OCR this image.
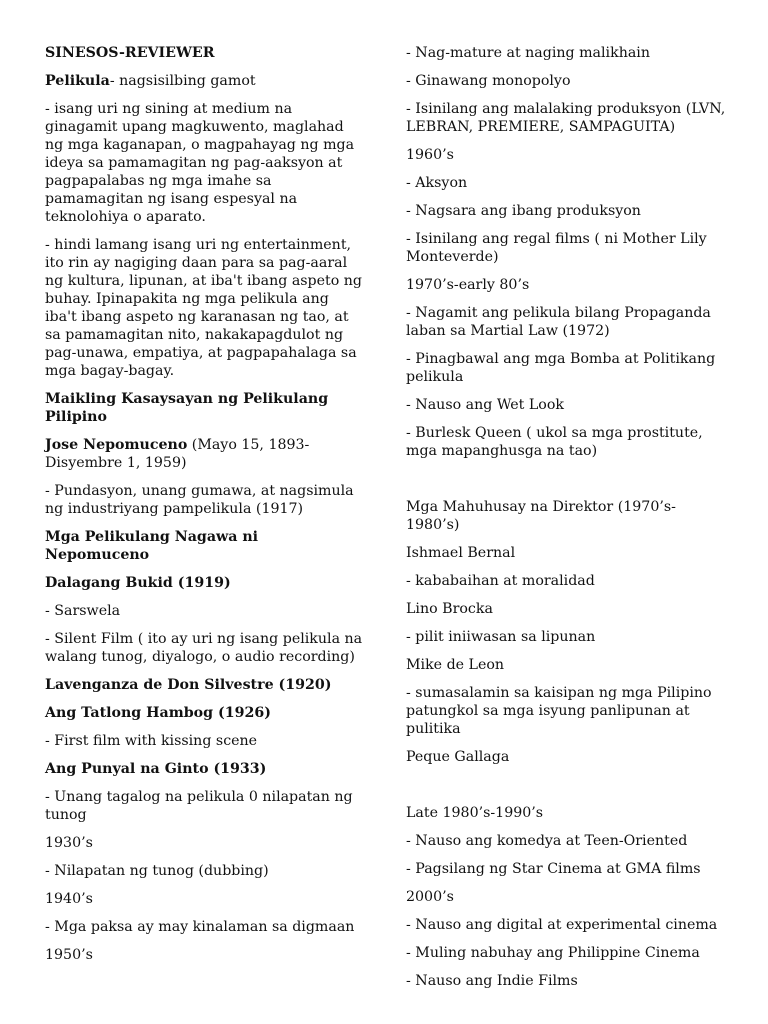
SINESOS-REVIEWER

Pelikula- nagsisilbing gamot

- isang uri ng sining at medium na ginagamit upang magkuwento, maglahad ng mga kaganapan, o magpahayag ng mga ideya sa pamamagitan ng pag-aaksyon at pagpapalabas ng mga imahe sa pamamagitan ng isang espesyal na teknolohiya o aparato.

- hindi lamang isang uri ng entertainment, ito rin ay nagiging daan para sa pag-aaral ng kultura, lipunan, at iba't ibang aspeto ng buhay. Ipinapakita ng mga pelikula ang iba't ibang aspeto ng karanasan ng tao, at sa pamamagitan nito, nakakapagdulot ng pag-unawa, empatiya, at pagpapahalaga sa mga bagay-bagay.

Maikling Kasaysayan ng Pelikulang Pilipino

Jose Nepomuceno (Mayo 15, 1893- Disyembre 1, 1959)

- Pundasyon, unang gumawa, at nagsimula ng industriyang pampelikula (1917)

Mga Pelikulang Nagawa ni Nepomuceno

Dalagang Bukid (1919)

- Sarswela

- Silent Film ( ito ay uri ng isang pelikula na walang tunog, diyalogo, o audio recording)

Lavenganza de Don Silvestre (1920)

Ang Tatlong Hambog (1926)

- First film with kissing scene

Ang Punyal na Ginto (1933)

- Unang tagalog na pelikula 0 nilapatan ng tunog

1930’s

- Nilapatan ng tunog (dubbing)

1940’s

- Mga paksa ay may kinalaman sa digmaan

1950’s

- Nag-mature at naging malikhain

- Ginawang monopolyo

- Isinilang ang malalaking produksyon (LVN, LEBRAN, PREMIERE, SAMPAGUITA)

1960’s

- Aksyon

- Nagsara ang ibang produksyon

- Isinilang ang regal films ( ni Mother Lily Monteverde)

1970’s-early 80’s

- Nagamit ang pelikula bilang Propaganda laban sa Martial Law (1972)

- Pinagbawal ang mga Bomba at Politikang pelikula

- Nauso ang Wet Look

- Burlesk Queen ( ukol sa mga prostitute, mga mapanghusga na tao)

Mga Mahuhusay na Direktor (1970’s-1980’s)

Ishmael Bernal

- kababaihan at moralidad

Lino Brocka

- pilit iniiwasan sa lipunan

Mike de Leon

- sumasalamin sa kaisipan ng mga Pilipino patungkol sa mga isyung panlipunan at pulitika

Peque Gallaga

Late 1980’s-1990’s

- Nauso ang komedya at Teen-Oriented

- Pagsilang ng Star Cinema at GMA films

2000’s

- Nauso ang digital at experimental cinema

- Muling nabuhay ang Philippine Cinema

- Nauso ang Indie Films
